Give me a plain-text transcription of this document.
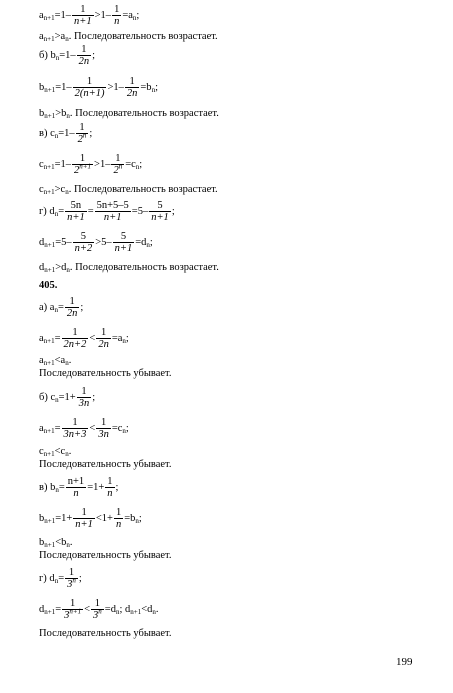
$a_{n+1}=1- \frac{1}{n+1} >1- \frac{1}{n} =a_n$;
$a_{n+1}>a_n$. Последовательность возрастает.
б) $b_n=1- \frac{1}{2n}$ ;
$b_{n+1}=1- \frac{1}{2(n+1)} >1- \frac{1}{2n} =b_n$;
$b_{n+1}>b_n$. Последовательность возрастает.
в) $c_n=1- \frac{1}{2^n}$ ;
$c_{n+1}=1- \frac{1}{2^{n+1}} >1- \frac{1}{2^n} =c_n$;
$c_{n+1}>c_n$. Последовательность возрастает.
г) $d_n= \frac{5n}{n+1} = \frac{5n+5-5}{n+1} =5- \frac{5}{n+1}$ ;
$d_{n+1}=5- \frac{5}{n+2} >5- \frac{5}{n+1} =d_n$;
$d_{n+1}>d_n$. Последовательность возрастает.
405.
а) $a_n= \frac{1}{2n}$ ;
$a_{n+1}= \frac{1}{2n+2} < \frac{1}{2n} =a_n$;
$a_{n+1}<a_n$.
Последовательность убывает.
б) $c_n=1+ \frac{1}{3n}$ ;
$a_{n+1}= \frac{1}{3n+3} < \frac{1}{3n} =c_n$;
$c_{n+1}<c_n$.
Последовательность убывает.
в) $b_n= \frac{n+1}{n} =1+ \frac{1}{n}$ ;
$b_{n+1}=1+ \frac{1}{n+1} <1+ \frac{1}{n} =b_n$;
$b_{n+1}<b_n$.
Последовательность убывает.
г) $d_n= \frac{1}{3^n}$ ;
$d_{n+1}= \frac{1}{3^{n+1}} < \frac{1}{3^n} =d_n$; $d_{n+1}<d_n$.
Последовательность убывает.
199
